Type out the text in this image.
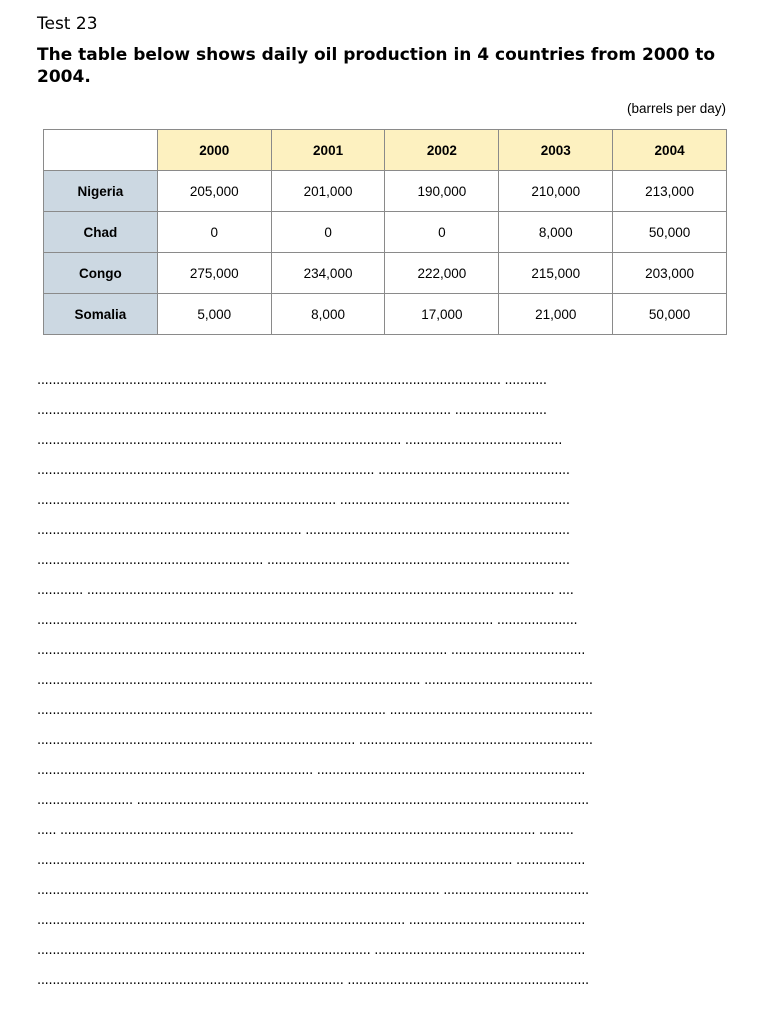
Test 23
The table below shows daily oil production in 4 countries from 2000 to 2004.
(barrels per day)
	2000	2001	2002	2003	2004
Nigeria	205,000	201,000	190,000	210,000	213,000
Chad	0	0	0	8,000	50,000
Congo	275,000	234,000	222,000	215,000	203,000
Somalia	5,000	8,000	17,000	21,000	50,000
......................................................................................................................... ...........
............................................................................................................ ........................
............................................................................................... .........................................
........................................................................................ ..................................................
.............................................................................. ............................................................
..................................................................... .....................................................................
........................................................... ...............................................................................
............ .......................................................................................................................... ....
....................................................................................................................... .....................
........................................................................................................... ...................................
.................................................................................................... ............................................
........................................................................................... .....................................................
................................................................................... .............................................................
........................................................................ ......................................................................
......................... ......................................................................................................................
..... ............................................................................................................................ .........
............................................................................................................................ ..................
......................................................................................................... ......................................
................................................................................................ ..............................................
....................................................................................... .......................................................
................................................................................ ...............................................................
